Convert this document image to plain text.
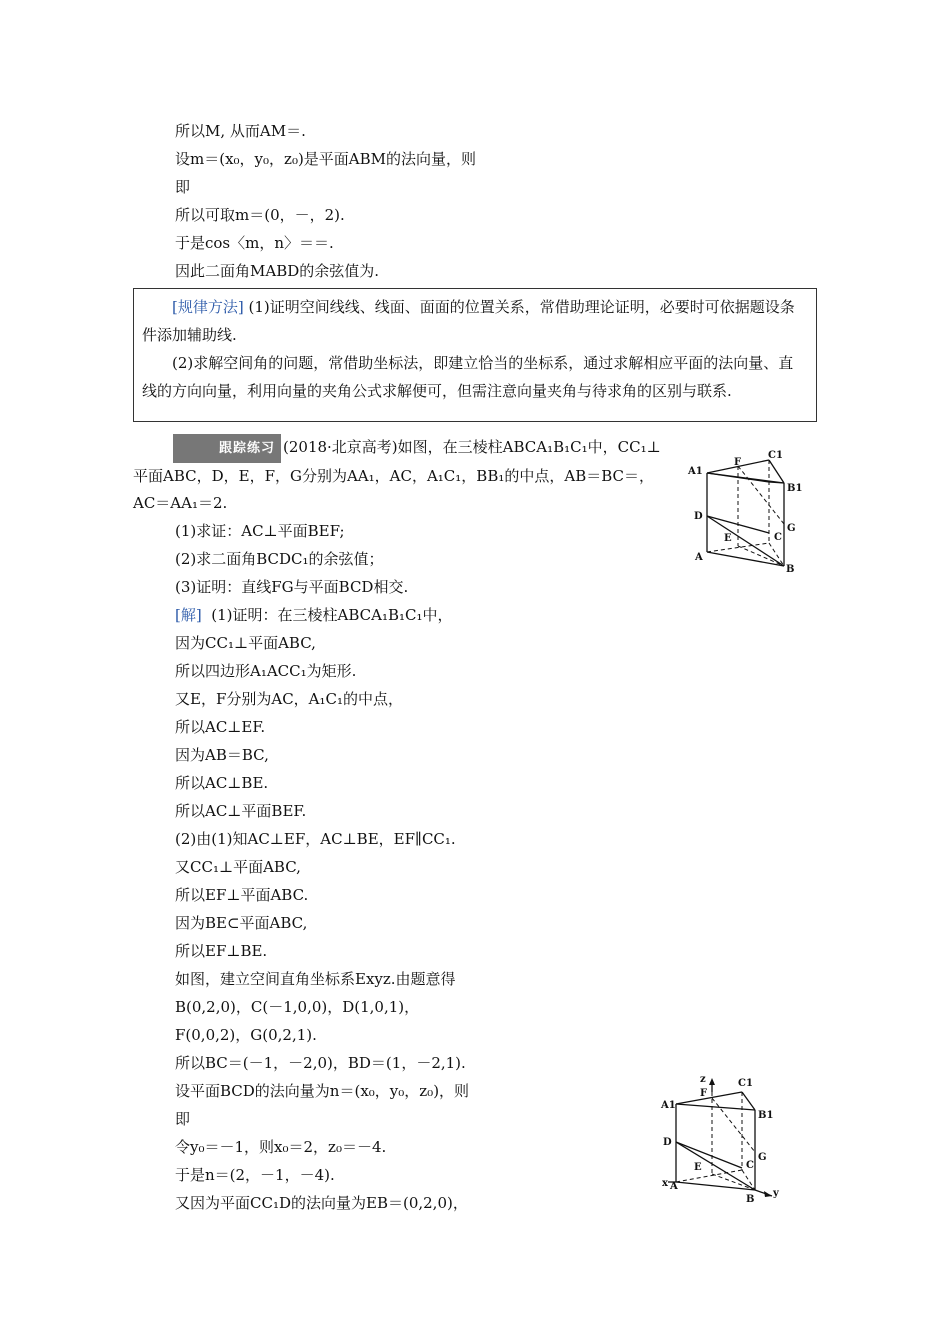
所以M, 从而AM＝.
设m＝(x₀，y₀，z₀)是平面ABM的法向量，则
即
所以可取m＝(0，－，2).
于是cos〈m，n〉＝＝.
因此二面角MABD的余弦值为.

[规律方法] (1)证明空间线线、线面、面面的位置关系，常借助理论证明，必要时可依据题设条件添加辅助线.

(2)求解空间角的问题，常借助坐标法，即建立恰当的坐标系，通过求解相应平面的法向量、直线的方向向量，利用向量的夹角公式求解便可，但需注意向量夹角与待求角的区别与联系.

跟踪练习 (2018·北京高考)如图，在三棱柱ABCA₁B₁C₁中，CC₁⊥平面ABC，D，E，F，G分别为AA₁，AC，A₁C₁，BB₁的中点，AB＝BC＝，AC＝AA₁＝2.
(1)求证：AC⊥平面BEF;
(2)求二面角BCDC₁的余弦值；
(3)证明：直线FG与平面BCD相交.
[解] (1)证明：在三棱柱ABCA₁B₁C₁中，
因为CC₁⊥平面ABC,
所以四边形A₁ACC₁为矩形.
又E，F分别为AC，A₁C₁的中点，
所以AC⊥EF.
因为AB＝BC,
所以AC⊥BE.
所以AC⊥平面BEF.
(2)由(1)知AC⊥EF，AC⊥BE，EF∥CC₁.
又CC₁⊥平面ABC,
所以EF⊥平面ABC.
因为BE⊂平面ABC,
所以EF⊥BE.
如图，建立空间直角坐标系Exyz.由题意得
B(0,2,0)，C(－1,0,0)，D(1,0,1)，
F(0,0,2)，G(0,2,1).
所以BC＝(－1，－2,0)，BD＝(1，－2,1).
设平面BCD的法向量为n＝(x₀，y₀，z₀)，则
即
令y₀＝－1，则x₀＝2，z₀＝－4.
于是n＝(2，－1，－4).
又因为平面CC₁D的法向量为EB＝(0,2,0)，
A1
F
C1
B1
D
G
E	C
A
B
z
F
C1
A1
B1
D
G
E	C
x A
B
y
